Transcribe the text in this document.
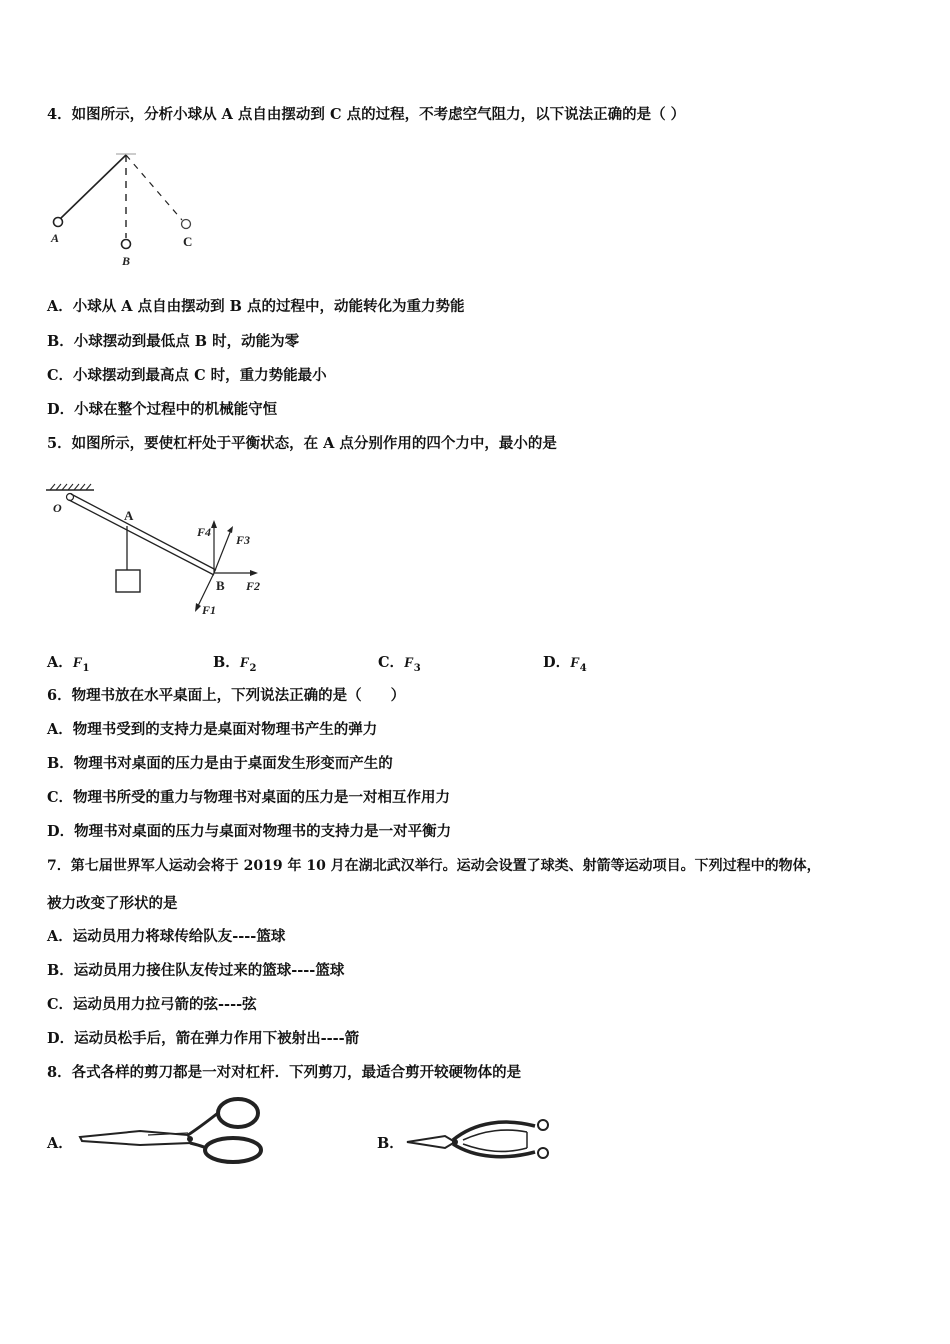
4．如图所示，分析小球从 A 点自由摆动到 C 点的过程，不考虑空气阻力，以下说法正确的是（ ）
A
B
C
A．小球从 A 点自由摆动到 B 点的过程中，动能转化为重力势能
B．小球摆动到最低点 B 时，动能为零
C．小球摆动到最高点 C 时，重力势能最小
D．小球在整个过程中的机械能守恒
5．如图所示，要使杠杆处于平衡状态，在 A 点分别作用的四个力中，最小的是
O	A
B
F4
F3
F2
F1
A．$F_1$	B．$F_2$	C．$F_3$	D．$F_4$
6．物理书放在水平桌面上，下列说法正确的是（　　）
A．物理书受到的支持力是桌面对物理书产生的弹力
B．物理书对桌面的压力是由于桌面发生形变而产生的
C．物理书所受的重力与物理书对桌面的压力是一对相互作用力
D．物理书对桌面的压力与桌面对物理书的支持力是一对平衡力
7．第七届世界军人运动会将于 2019 年 10 月在湖北武汉举行。运动会设置了球类、射箭等运动项目。下列过程中的物体，
被力改变了形状的是
A．运动员用力将球传给队友----篮球
B．运动员用力接住队友传过来的篮球----篮球
C．运动员用力拉弓箭的弦----弦
D．运动员松手后，箭在弹力作用下被射出----箭
8．各式各样的剪刀都是一对对杠杆．下列剪刀，最适合剪开较硬物体的是
A．	B．
